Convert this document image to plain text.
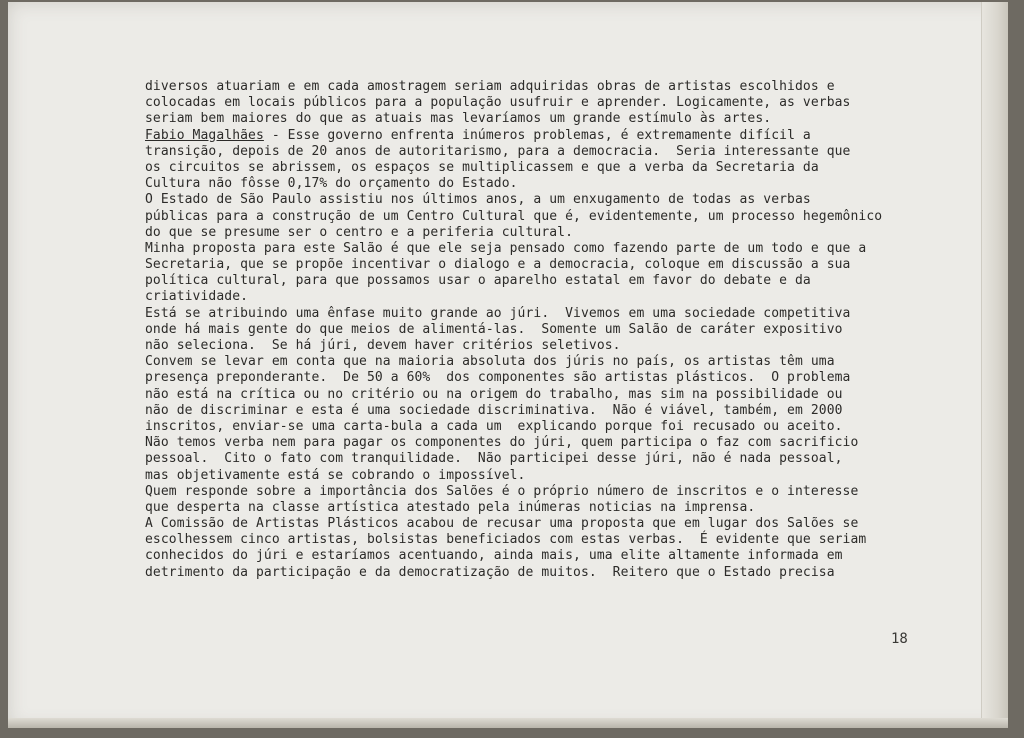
diversos atuariam e em cada amostragem seriam adquiridas obras de artistas escolhidos e
colocadas em locais públicos para a população usufruir e aprender. Logicamente, as verbas
seriam bem maiores do que as atuais mas levaríamos um grande estímulo às artes.
Fabio Magalhães - Esse governo enfrenta inúmeros problemas, é extremamente difícil a
transição, depois de 20 anos de autoritarismo, para a democracia.  Seria interessante que
os circuitos se abrissem, os espaços se multiplicassem e que a verba da Secretaria da
Cultura não fôsse 0,17% do orçamento do Estado.
O Estado de São Paulo assistiu nos últimos anos, a um enxugamento de todas as verbas
públicas para a construção de um Centro Cultural que é, evidentemente, um processo hegemônico
do que se presume ser o centro e a periferia cultural.
Minha proposta para este Salão é que ele seja pensado como fazendo parte de um todo e que a
Secretaria, que se propõe incentivar o dialogo e a democracia, coloque em discussão a sua
política cultural, para que possamos usar o aparelho estatal em favor do debate e da
criatividade.
Está se atribuindo uma ênfase muito grande ao júri.  Vivemos em uma sociedade competitiva
onde há mais gente do que meios de alimentá-las.  Somente um Salão de caráter expositivo
não seleciona.  Se há júri, devem haver critérios seletivos.
Convem se levar em conta que na maioria absoluta dos júris no país, os artistas têm uma
presença preponderante.  De 50 a 60%  dos componentes são artistas plásticos.  O problema
não está na crítica ou no critério ou na origem do trabalho, mas sim na possibilidade ou
não de discriminar e esta é uma sociedade discriminativa.  Não é viável, também, em 2000
inscritos, enviar-se uma carta-bula a cada um  explicando porque foi recusado ou aceito.
Não temos verba nem para pagar os componentes do júri, quem participa o faz com sacrificio
pessoal.  Cito o fato com tranquilidade.  Não participei desse júri, não é nada pessoal,
mas objetivamente está se cobrando o impossível.
Quem responde sobre a importância dos Salões é o próprio número de inscritos e o interesse
que desperta na classe artística atestado pela inúmeras noticias na imprensa.
A Comissão de Artistas Plásticos acabou de recusar uma proposta que em lugar dos Salões se
escolhessem cinco artistas, bolsistas beneficiados com estas verbas.  É evidente que seriam
conhecidos do júri e estaríamos acentuando, ainda mais, uma elite altamente informada em
detrimento da participação e da democratização de muitos.  Reitero que o Estado precisa
18
